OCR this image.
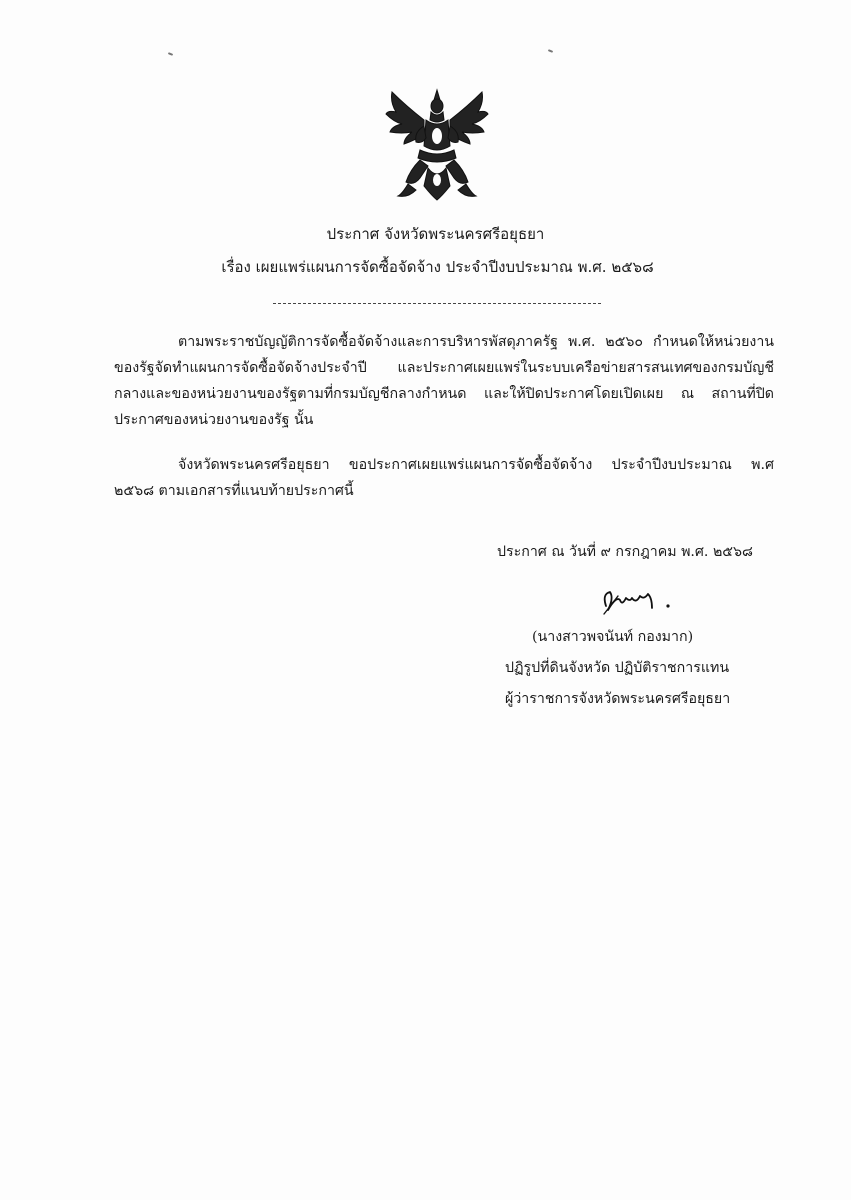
ประกาศ จังหวัดพระนครศรีอยุธยา
เรื่อง เผยแพร่แผนการจัดซื้อจัดจ้าง ประจำปีงบประมาณ พ.ศ. ๒๕๖๘
ตามพระราชบัญญัติการจัดซื้อจัดจ้างและการบริหารพัสดุภาครัฐ พ.ศ. ๒๕๖๐ กำหนดให้หน่วยงานของรัฐจัดทำแผนการจัดซื้อจัดจ้างประจำปี และประกาศเผยแพร่ในระบบเครือข่ายสารสนเทศของกรมบัญชีกลางและของหน่วยงานของรัฐตามที่กรมบัญชีกลางกำหนด และให้ปิดประกาศโดยเปิดเผย ณ สถานที่ปิดประกาศของหน่วยงานของรัฐ นั้น
จังหวัดพระนครศรีอยุธยา ขอประกาศเผยแพร่แผนการจัดซื้อจัดจ้าง ประจำปีงบประมาณ พ.ศ ๒๕๖๘ ตามเอกสารที่แนบท้ายประกาศนี้
ประกาศ ณ วันที่ ๙ กรกฎาคม พ.ศ. ๒๕๖๘
(นางสาวพจนันท์ กองมาก)
ปฏิรูปที่ดินจังหวัด ปฏิบัติราชการแทน
ผู้ว่าราชการจังหวัดพระนครศรีอยุธยา
